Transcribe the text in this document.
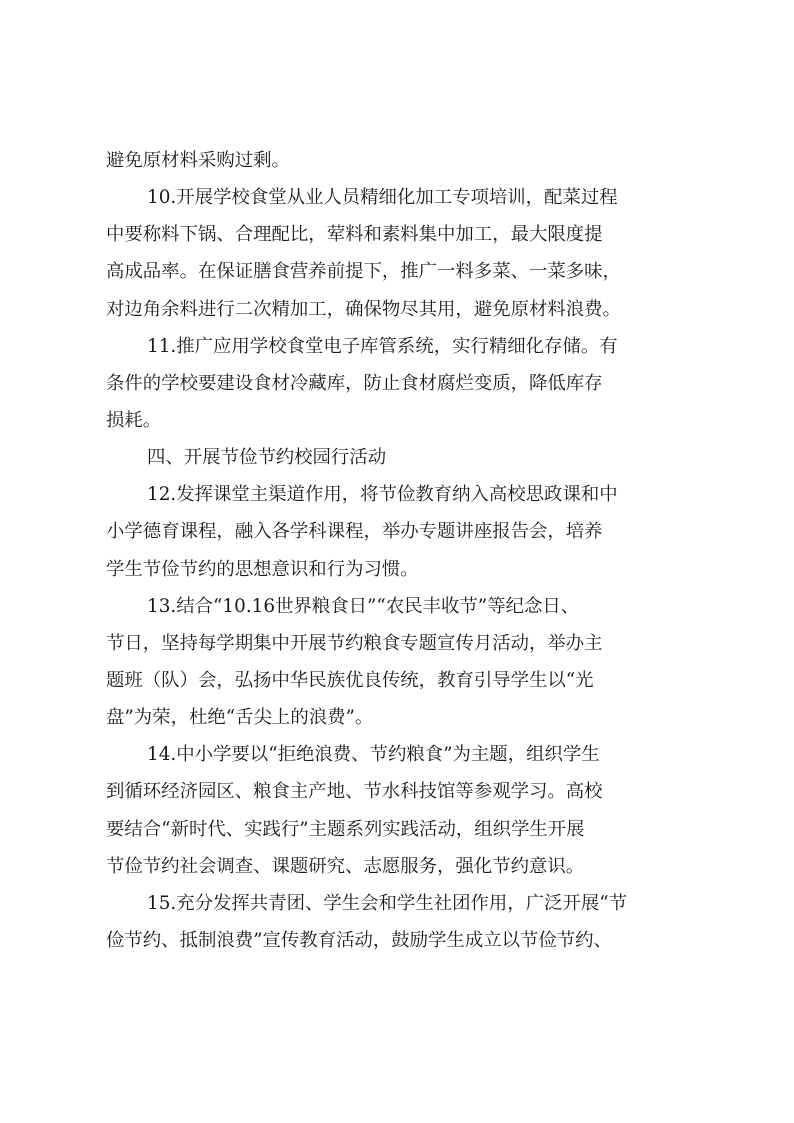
避免原材料采购过剩。
10.开展学校食堂从业人员精细化加工专项培训，配菜过程
中要称料下锅、合理配比，荤料和素料集中加工，最大限度提
高成品率。在保证膳食营养前提下，推广一料多菜、一菜多味，
对边角余料进行二次精加工，确保物尽其用，避免原材料浪费。
11.推广应用学校食堂电子库管系统，实行精细化存储。有
条件的学校要建设食材冷藏库，防止食材腐烂变质，降低库存
损耗。
四、开展节俭节约校园行活动
12.发挥课堂主渠道作用，将节俭教育纳入高校思政课和中
小学德育课程，融入各学科课程，举办专题讲座报告会，培养
学生节俭节约的思想意识和行为习惯。
13.结合“10.16世界粮食日”“农民丰收节”等纪念日、
节日，坚持每学期集中开展节约粮食专题宣传月活动，举办主
题班（队）会，弘扬中华民族优良传统，教育引导学生以“光
盘”为荣，杜绝“舌尖上的浪费”。
14.中小学要以“拒绝浪费、节约粮食”为主题，组织学生
到循环经济园区、粮食主产地、节水科技馆等参观学习。高校
要结合“新时代、实践行”主题系列实践活动，组织学生开展
节俭节约社会调查、课题研究、志愿服务，强化节约意识。
15.充分发挥共青团、学生会和学生社团作用，广泛开展“节
俭节约、抵制浪费”宣传教育活动，鼓励学生成立以节俭节约、
